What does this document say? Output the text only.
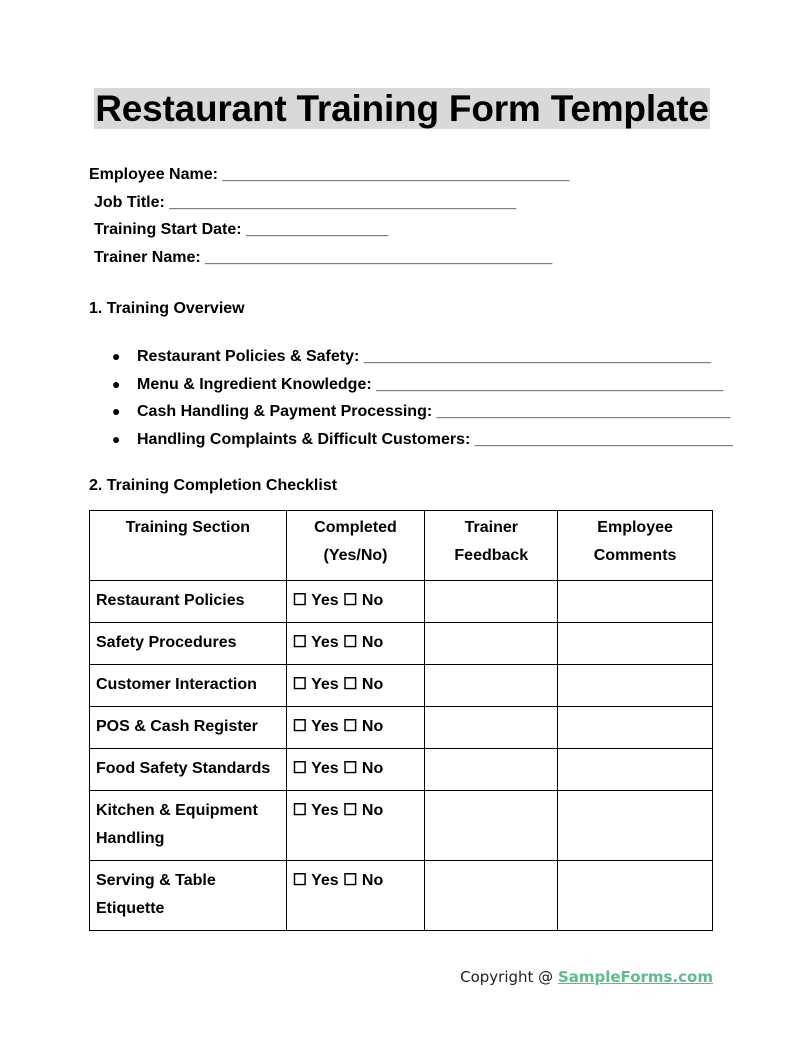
Restaurant Training Form Template
Employee Name: _______________________________________
Job Title: _______________________________________
Training Start Date: ________________
Trainer Name: _______________________________________
1. Training Overview
● Restaurant Policies & Safety: _______________________________________
● Menu & Ingredient Knowledge: _______________________________________
● Cash Handling & Payment Processing: _________________________________
● Handling Complaints & Difficult Customers: _____________________________
2. Training Completion Checklist
Training Section	Completed (Yes/No)	Trainer Feedback	Employee Comments
Restaurant Policies	☐ Yes ☐ No		
Safety Procedures	☐ Yes ☐ No		
Customer Interaction	☐ Yes ☐ No		
POS & Cash Register	☐ Yes ☐ No		
Food Safety Standards	☐ Yes ☐ No		
Kitchen & Equipment Handling	☐ Yes ☐ No		
Serving & Table Etiquette	☐ Yes ☐ No		
Copyright @ SampleForms.com
